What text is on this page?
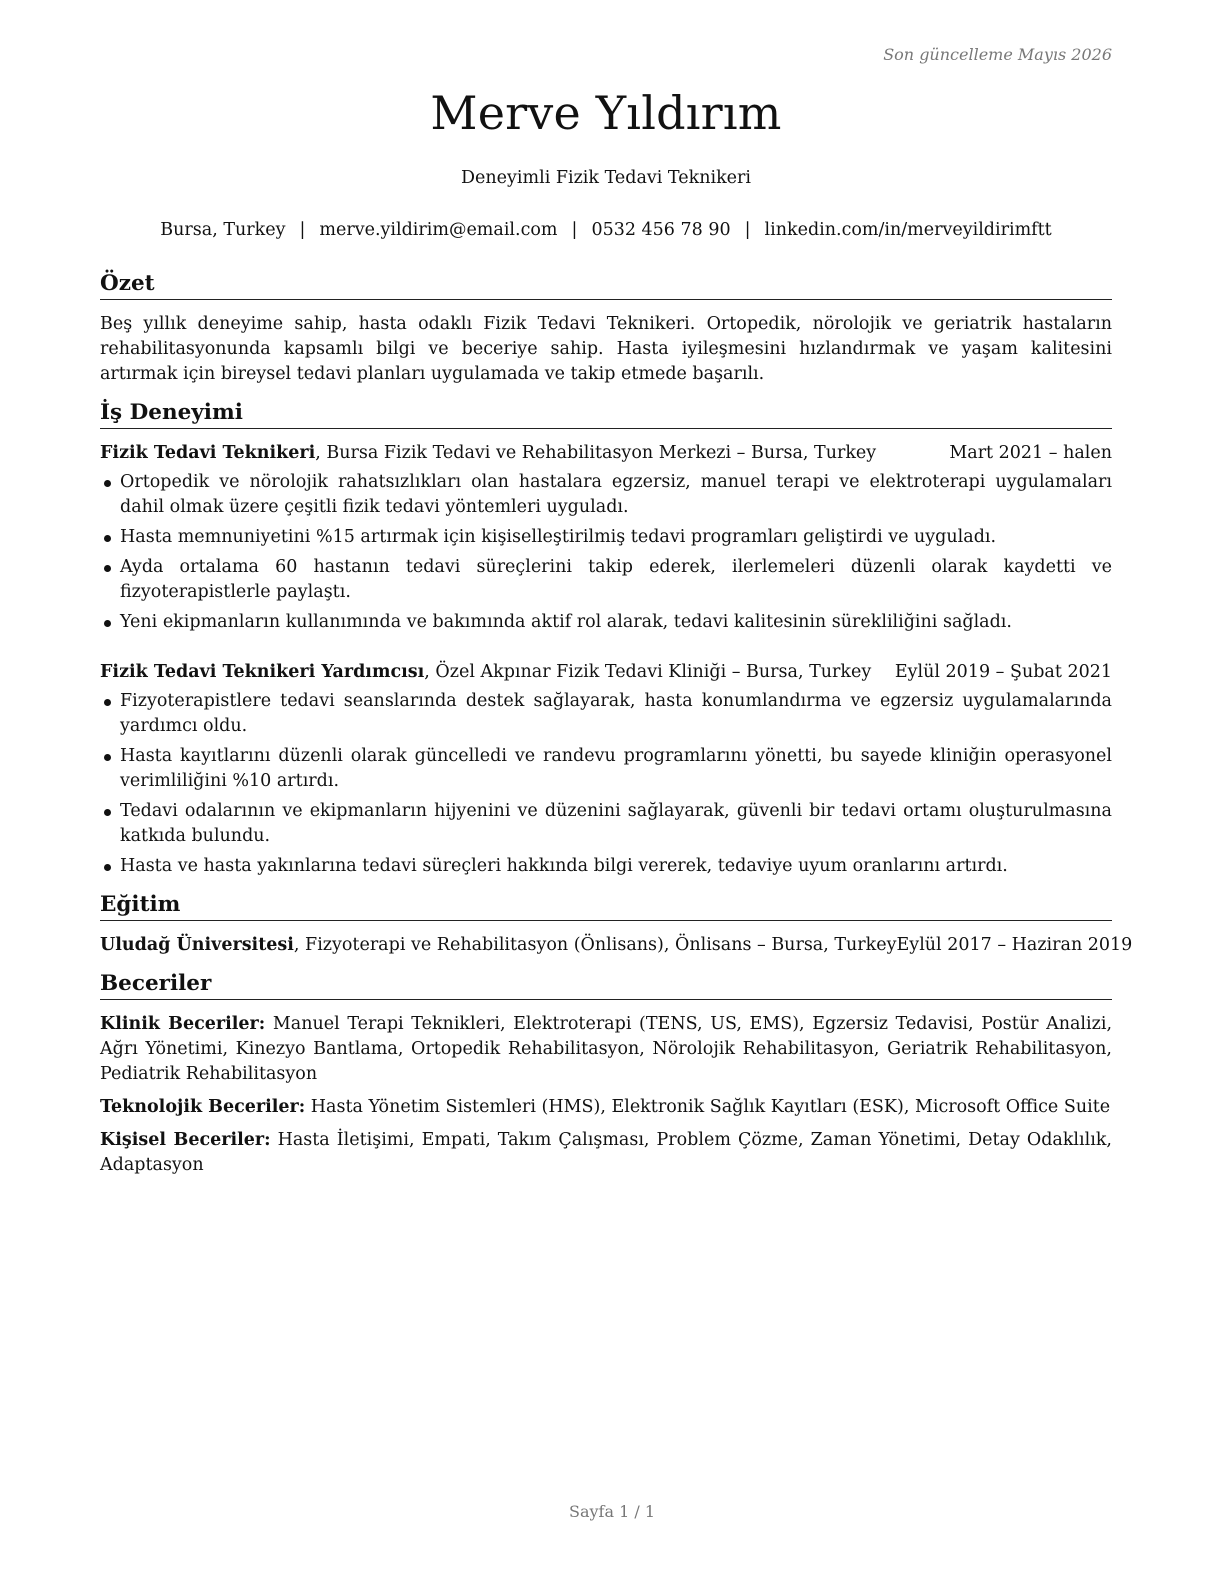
Son güncelleme Mayıs 2026
Merve Yıldırım
Deneyimli Fizik Tedavi Teknikeri
Bursa, Turkey | merve.yildirim@email.com | 0532 456 78 90 | linkedin.com/in/merveyildirimftt
Özet

Beş yıllık deneyime sahip, hasta odaklı Fizik Tedavi Teknikeri. Ortopedik, nörolojik ve geriatrik hastaların rehabilitasyonunda kapsamlı bilgi ve beceriye sahip. Hasta iyileşmesini hızlandırmak ve yaşam kalitesini artırmak için bireysel tedavi planları uygulamada ve takip etmede başarılı.

İş Deneyimi
Fizik Tedavi Teknikeri, Bursa Fizik Tedavi ve Rehabilitasyon Merkezi – Bursa, Turkey	Mart 2021 – halen
Ortopedik ve nörolojik rahatsızlıkları olan hastalara egzersiz, manuel terapi ve elektroterapi uygulamaları dahil olmak üzere çeşitli fizik tedavi yöntemleri uyguladı.
Hasta memnuniyetini %15 artırmak için kişiselleştirilmiş tedavi programları geliştirdi ve uyguladı.
Ayda ortalama 60 hastanın tedavi süreçlerini takip ederek, ilerlemeleri düzenli olarak kaydetti ve fizyoterapistlerle paylaştı.
Yeni ekipmanların kullanımında ve bakımında aktif rol alarak, tedavi kalitesinin sürekliliğini sağladı.
Fizik Tedavi Teknikeri Yardımcısı, Özel Akpınar Fizik Tedavi Kliniği – Bursa, Turkey Eylül 2019 – Şubat 2021
Fizyoterapistlere tedavi seanslarında destek sağlayarak, hasta konumlandırma ve egzersiz uygulamalarında yardımcı oldu.
Hasta kayıtlarını düzenli olarak güncelledi ve randevu programlarını yönetti, bu sayede kliniğin operasyonel verimliliğini %10 artırdı.
Tedavi odalarının ve ekipmanların hijyenini ve düzenini sağlayarak, güvenli bir tedavi ortamı oluşturulmasına katkıda bulundu.
Hasta ve hasta yakınlarına tedavi süreçleri hakkında bilgi vererek, tedaviye uyum oranlarını artırdı.
Eğitim
Uludağ Üniversitesi, Fizyoterapi ve Rehabilitasyon (Önlisans), Önlisans – Bursa, Turkey Eylül 2017 – Haziran 2019
Beceriler

Klinik Beceriler: Manuel Terapi Teknikleri, Elektroterapi (TENS, US, EMS), Egzersiz Tedavisi, Postür Analizi, Ağrı Yönetimi, Kinezyo Bantlama, Ortopedik Rehabilitasyon, Nörolojik Rehabilitasyon, Geriatrik Rehabilitasyon, Pediatrik Rehabilitasyon

Teknolojik Beceriler: Hasta Yönetim Sistemleri (HMS), Elektronik Sağlık Kayıtları (ESK), Microsoft Office Suite

Kişisel Beceriler: Hasta İletişimi, Empati, Takım Çalışması, Problem Çözme, Zaman Yönetimi, Detay Odaklılık, Adaptasyon

Sayfa 1 / 1
